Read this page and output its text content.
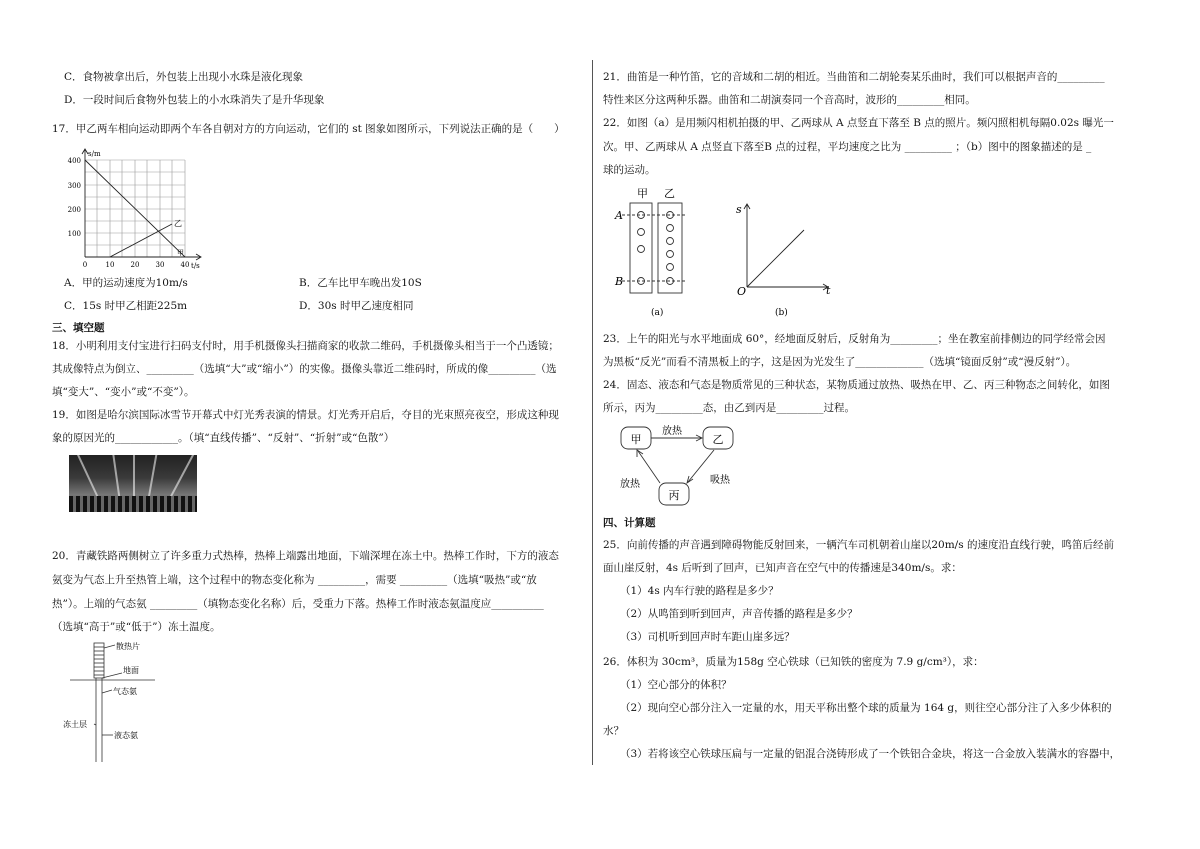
C．食物被拿出后，外包装上出现小水珠是液化现象
D．一段时间后食物外包装上的小水珠消失了是升华现象
17．甲乙两车相向运动即两个车各自朝对方的方向运动，它们的 st 图象如图所示，下列说法正确的是（　　）
s/m
t/s
400
300
200
100
0	10 20 30 40
乙
甲
A．甲的运动速度为10m/s	B．乙车比甲车晚出发10S
C．15s 时甲乙相距225m	D．30s 时甲乙速度相同
三、填空题
18．小明利用支付宝进行扫码支付时，用手机摄像头扫描商家的收款二维码，手机摄像头相当于一个凸透镜；
其成像特点为倒立、_________（选填“大”或“缩小”）的实像。摄像头靠近二维码时，所成的像_________（选
填“变大”、“变小”或“不变”）。
19．如图是哈尔滨国际冰雪节开幕式中灯光秀表演的情景。灯光秀开启后，夺目的光束照亮夜空，形成这种现
象的原因光的____________。（填“直线传播”、“反射”、“折射”或“色散”）
20．青藏铁路两侧树立了许多重力式热棒，热棒上端露出地面，下端深埋在冻土中。热棒工作时，下方的液态
氨变为气态上升至热管上端，这个过程中的物态变化称为 _________，需要 _________（选填“吸热”或“放
热”）。上端的气态氨 _________（填物态变化名称）后，受重力下落。热棒工作时液态氨温度应__________
（选填“高于”或“低于”）冻土温度。
散热片
地面
气态氨
冻土层
液态氨
21．曲笛是一种竹笛，它的音域和二胡的相近。当曲笛和二胡轮奏某乐曲时，我们可以根据声音的_________
特性来区分这两种乐器。曲笛和二胡演奏同一个音高时，波形的_________相同。
22．如图（a）是用频闪相机拍摄的甲、乙两球从 A 点竖直下落至 B 点的照片。频闪照相机每隔0.02s 曝光一
次。甲、乙两球从 A 点竖直下落至B 点的过程，平均速度之比为 _________ ；（b）图中的图象描述的是 _
球的运动。
甲 乙
A
B
(a)
s
t
O
(b)
23．上午的阳光与水平地面成 60°，经地面反射后，反射角为_________；坐在教室前排侧边的同学经常会因
为黑板“反光”而看不清黑板上的字，这是因为光发生了_____________（选填“镜面反射”或“漫反射”）。
24．固态、液态和气态是物质常见的三种状态，某物质通过放热、吸热在甲、乙、丙三种物态之间转化，如图
所示，丙为_________态，由乙到丙是_________过程。
甲	乙
丙
放热
吸热
放热
四、计算题
25．向前传播的声音遇到障碍物能反射回来，一辆汽车司机朝着山崖以20m/s 的速度沿直线行驶，鸣笛后经前
面山崖反射，4s 后听到了回声，已知声音在空气中的传播速是340m/s。求：
（1）4s 内车行驶的路程是多少？
（2）从鸣笛到听到回声，声音传播的路程是多少？
（3）司机听到回声时车距山崖多远？
26．体积为 30cm³，质量为158g 空心铁球（已知铁的密度为 7.9 g/cm³），求：
（1）空心部分的体积？
（2）现向空心部分注入一定量的水，用天平称出整个球的质量为 164 g，则往空心部分注了入多少体积的
水？
（3）若将该空心铁球压扁与一定量的铝混合浇铸形成了一个铁铝合金块，将这一合金放入装满水的容器中，
